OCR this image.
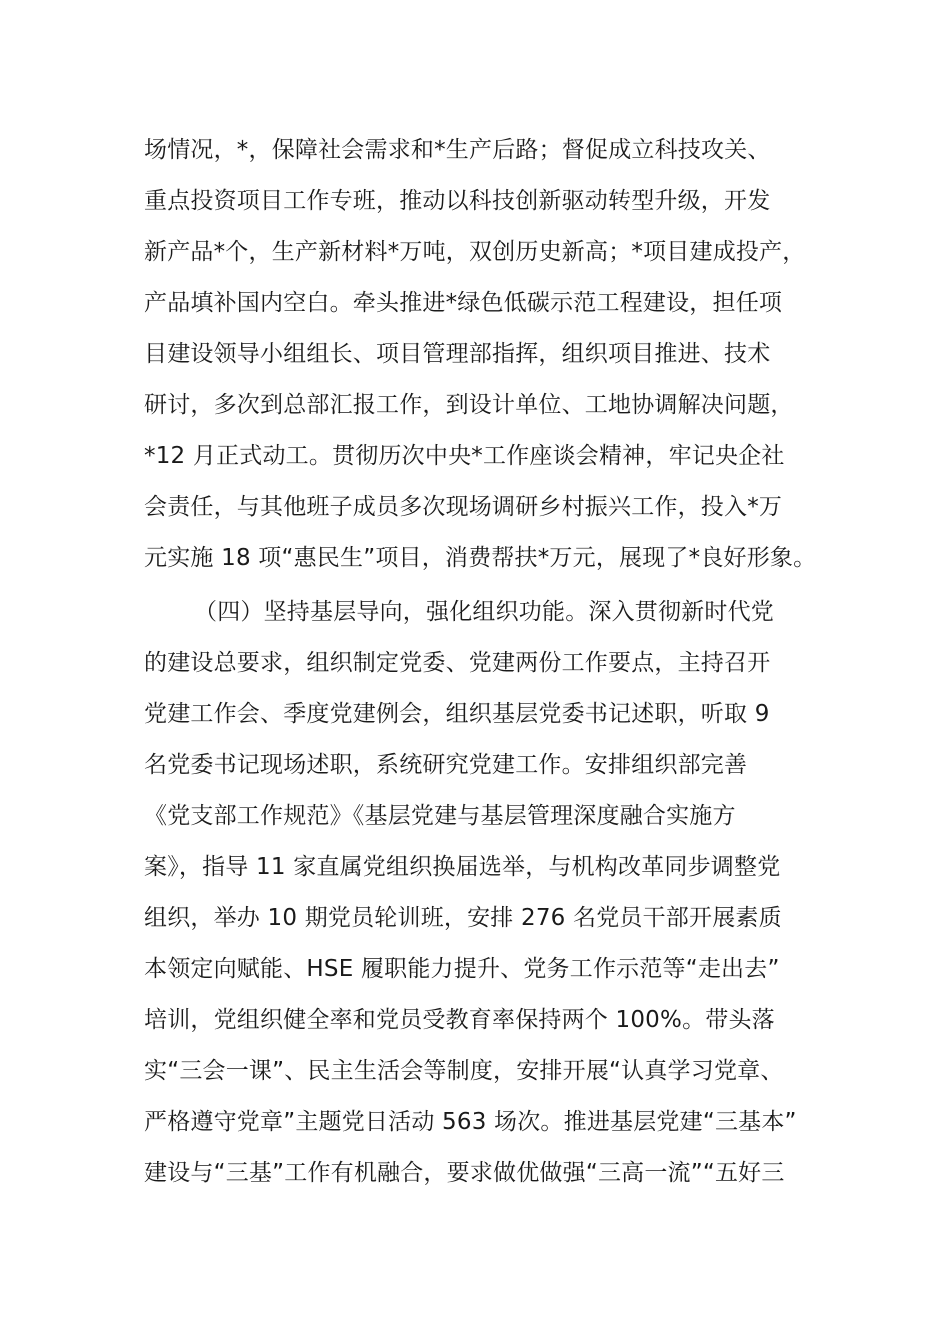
场情况，*，保障社会需求和*生产后路；督促成立科技攻关、
重点投资项目工作专班，推动以科技创新驱动转型升级，开发
新产品*个，生产新材料*万吨，双创历史新高；*项目建成投产，
产品填补国内空白。牵头推进*绿色低碳示范工程建设，担任项
目建设领导小组组长、项目管理部指挥，组织项目推进、技术
研讨，多次到总部汇报工作，到设计单位、工地协调解决问题，
*12 月正式动工。贯彻历次中央*工作座谈会精神，牢记央企社
会责任，与其他班子成员多次现场调研乡村振兴工作，投入*万
元实施 18 项“惠民生”项目，消费帮扶*万元，展现了*良好形象。
（四）坚持基层导向，强化组织功能。深入贯彻新时代党
的建设总要求，组织制定党委、党建两份工作要点，主持召开
党建工作会、季度党建例会，组织基层党委书记述职，听取 9
名党委书记现场述职，系统研究党建工作。安排组织部完善
《党支部工作规范》《基层党建与基层管理深度融合实施方
案》，指导 11 家直属党组织换届选举，与机构改革同步调整党
组织，举办 10 期党员轮训班，安排 276 名党员干部开展素质
本领定向赋能、HSE 履职能力提升、党务工作示范等“走出去”
培训，党组织健全率和党员受教育率保持两个 100%。带头落
实“三会一课”、民主生活会等制度，安排开展“认真学习党章、
严格遵守党章”主题党日活动 563 场次。推进基层党建“三基本”
建设与“三基”工作有机融合，要求做优做强“三高一流”“五好三
